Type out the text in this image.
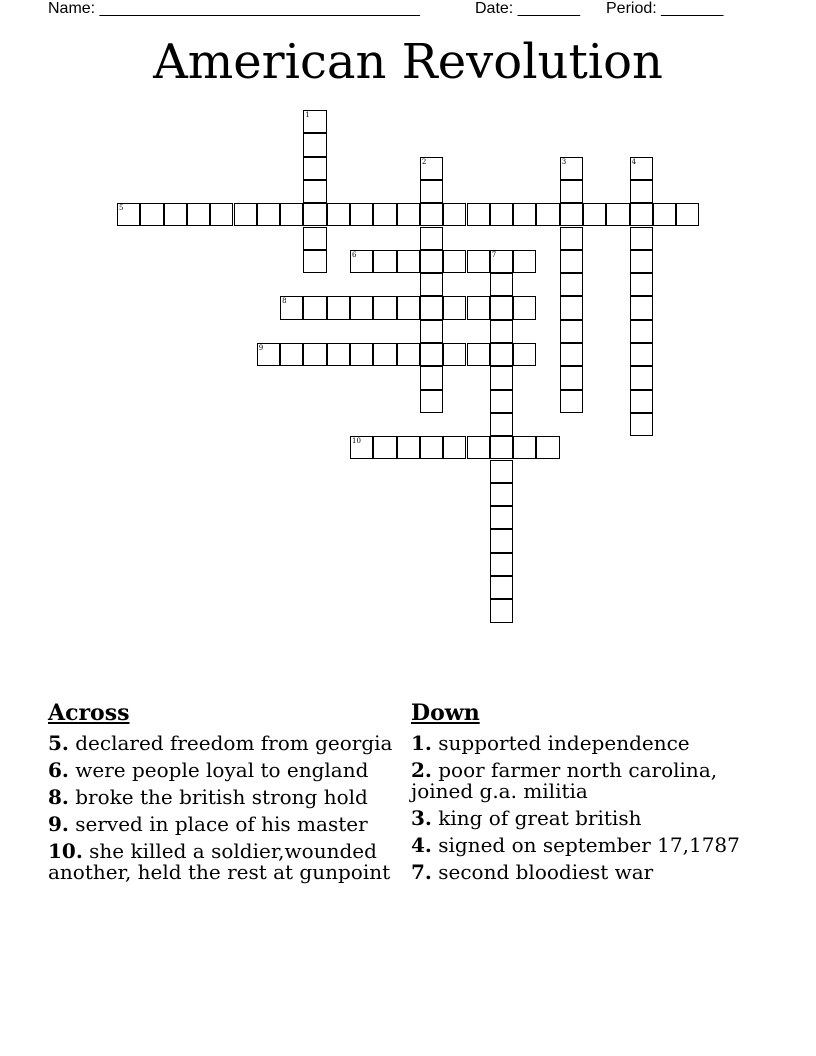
Name: ____________________________________	Date: _______ Period: _______
American Revolution
1
2	3	4
5
6	7
8
9
10
Across
5. declared freedom from georgia
6. were people loyal to england
8. broke the british strong hold
9. served in place of his master
10. she killed a soldier,wounded another, held the rest at gunpoint
Down
1. supported independence
2. poor farmer north carolina, joined g.a. militia
3. king of great british
4. signed on september 17,1787
7. second bloodiest war
